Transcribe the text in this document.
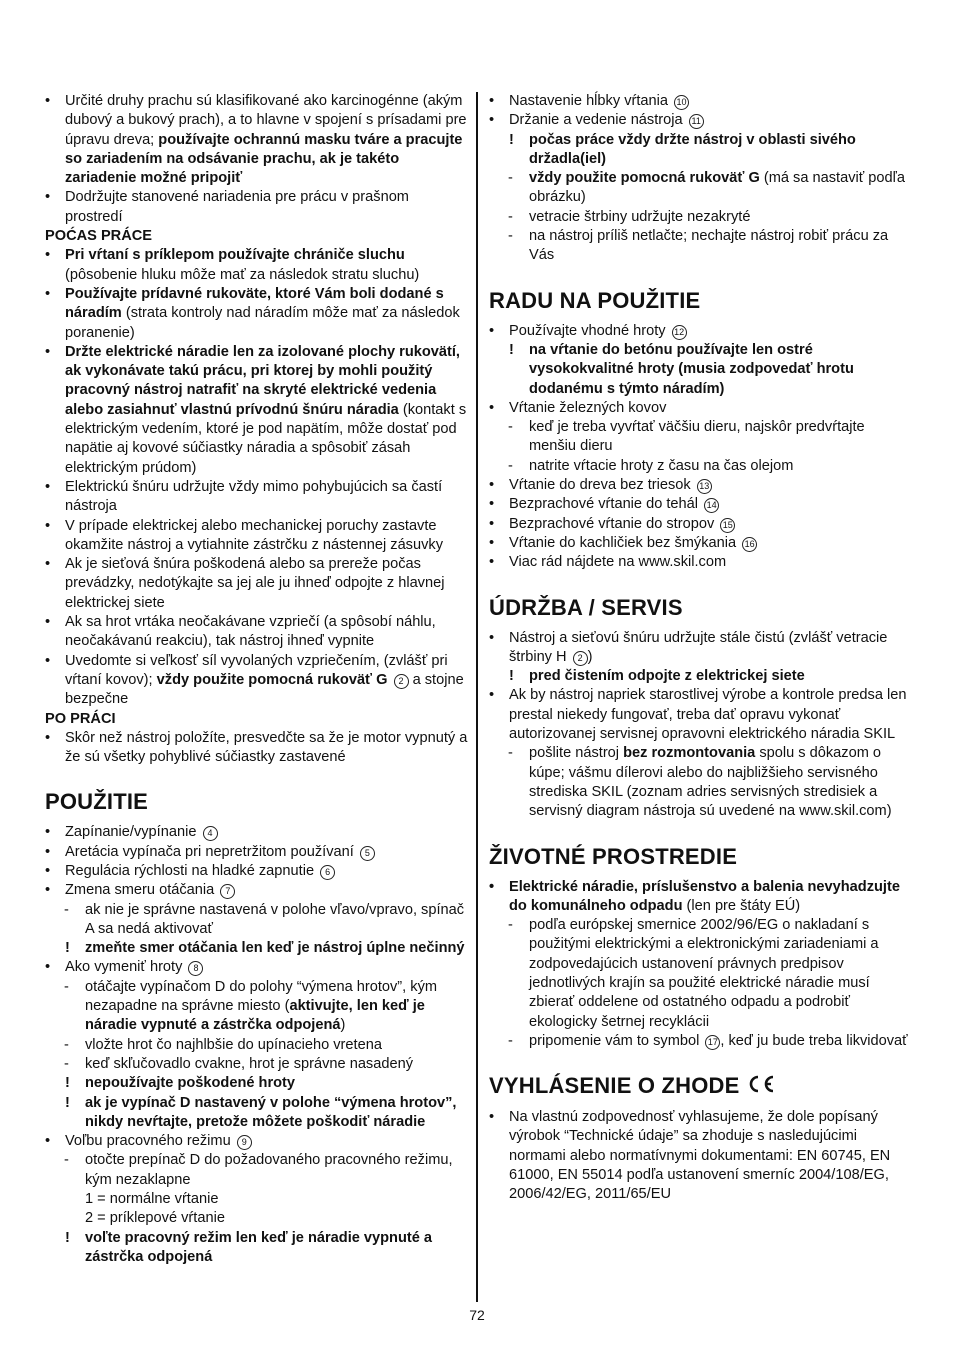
• Určité druhy prachu sú klasifikované ako karcinogénne (akým dubový a bukový prach), a to hlavne v spojení s prísadami pre úpravu dreva; používajte ochrannú masku tváre a pracujte so zariadením na odsávanie prachu, ak je takéto zariadenie možné pripojiť
• Dodržujte stanovené nariadenia pre prácu v prašnom prostredí
POĆAS PRÁCE
• Pri vŕtaní s príklepom používajte chrániče sluchu (pôsobenie hluku môže mať za následok stratu sluchu)
• Používajte prídavné rukoväte, ktoré Vám boli dodané s náradím (strata kontroly nad náradím môže mať za následok poranenie)
• Držte elektrické náradie len za izolované plochy rukovätí, ak vykonávate takú prácu, pri ktorej by mohli použitý pracovný nástroj natrafiť na skryté elektrické vedenia alebo zasiahnuť vlastnú prívodnú šnúru náradia (kontakt s elektrickým vedením, ktoré je pod napätím, môže dostať pod napätie aj kovové súčiastky náradia a spôsobiť zásah elektrickým prúdom)
• Elektrickú šnúru udržujte vždy mimo pohybujúcich sa častí nástroja
• V prípade elektrickej alebo mechanickej poruchy zastavte okamžite nástroj a vytiahnite zástrčku z nástennej zásuvky
• Ak je sieťová šnúra poškodená alebo sa prereže počas prevádzky, nedotýkajte sa jej ale ju ihneď odpojte z hlavnej elektrickej siete
• Ak sa hrot vrtáka neočakávane vzpriečí (a spôsobí náhlu, neočakávanú reakciu), tak nástroj ihneď vypnite
• Uvedomte si veľkosť síl vyvolaných vzpriečením, (zvlášť pri vŕtaní kovov); vždy použite pomocná rukoväť G 2 a stojne bezpečne
PO PRÁCI
• Skôr než nástroj položíte, presvedčte sa že je motor vypnutý a že sú všetky pohyblivé súčiastky zastavené
POUŽITIE
• Zapínanie/vypínanie 4
• Aretácia vypínača pri nepretržitom používaní 5
• Regulácia rýchlosti na hladké zapnutie 6
• Zmena smeru otáčania 7
- ak nie je správne nastavená v polohe vľavo/vpravo, spínač A sa nedá aktivovať
! zmeňte smer otáčania len keď je nástroj úplne nečinný
• Ako vymeniť hroty 8
- otáčajte vypínačom D do polohy “výmena hrotov”, kým nezapadne na správne miesto (aktivujte, len keď je náradie vypnuté a zástrčka odpojená)
- vložte hrot čo najhlbšie do upínacieho vretena
- keď skľučovadlo cvakne, hrot je správne nasadený
! nepoužívajte poškodené hroty
! ak je vypínač D nastavený v polohe “výmena hrotov”, nikdy nevŕtajte, pretože môžete poškodiť náradie
• Voľbu pracovného režimu 9
- otočte prepínač D do požadovaného pracovného režimu, kým nezaklapne
1 = normálne vŕtanie
2 = príklepové vŕtanie
! voľte pracovný režim len keď je náradie vypnuté a zástrčka odpojená
• Nastavenie hĺbky vŕtania 10
• Držanie a vedenie nástroja 11
! počas práce vždy držte nástroj v oblasti sivého držadla(iel)
- vždy použite pomocná rukoväť G (má sa nastaviť podľa obrázku)
- vetracie štrbiny udržujte nezakryté
- na nástroj príliš netlačte; nechajte nástroj robiť prácu za Vás
RADU NA POUŽITIE
• Používajte vhodné hroty 12
! na vŕtanie do betónu používajte len ostré vysokokvalitné hroty (musia zodpovedať hrotu dodanému s týmto náradím)
• Vŕtanie železných kovov
- keď je treba vyvŕtať väčšiu dieru, najskôr predvŕtajte menšiu dieru
- natrite vŕtacie hroty z času na čas olejom
• Vŕtanie do dreva bez triesok 13
• Bezprachové vŕtanie do tehál 14
• Bezprachové vŕtanie do stropov 15
• Vŕtanie do kachličiek bez šmýkania 16
• Viac rád nájdete na www.skil.com
ÚDRŽBA / SERVIS
• Nástroj a sieťovú šnúru udržujte stále čistú (zvlášť vetracie štrbiny H 2 )
! pred čistením odpojte z elektrickej siete
• Ak by nástroj napriek starostlivej výrobe a kontrole predsa len prestal niekedy fungovať, treba dať opravu vykonať autorizovanej servisnej opravovni elektrického náradia SKIL
- pošlite nástroj bez rozmontovania spolu s dôkazom o kúpe; vášmu dílerovi alebo do najbližšieho servisného strediska SKIL (zoznam adries servisných stredisiek a servisný diagram nástroja sú uvedené na www.skil.com)
ŽIVOTNÉ PROSTREDIE
• Elektrické náradie, príslušenstvo a balenia nevyhadzujte do komunálneho odpadu (len pre štáty EÚ)
- podľa európskej smernice 2002/96/EG o nakladaní s použitými elektrickými a elektronickými zariadeniami a zodpovedajúcich ustanovení právnych predpisov jednotlivých krajín sa použité elektrické náradie musí zbierať oddelene od ostatného odpadu a podrobiť ekologicky šetrnej recyklácii
- pripomenie vám to symbol 17 , keď ju bude treba likvidovať
VYHLÁSENIE O ZHODE
• Na vlastnú zodpovednosť vyhlasujeme, že dole popísaný výrobok “Technické údaje” sa zhoduje s nasledujúcimi normami alebo normatívnymi dokumentami: EN 60745, EN 61000, EN 55014 podľa ustanovení smerníc 2004/108/EG, 2006/42/EG, 2011/65/EU
72
